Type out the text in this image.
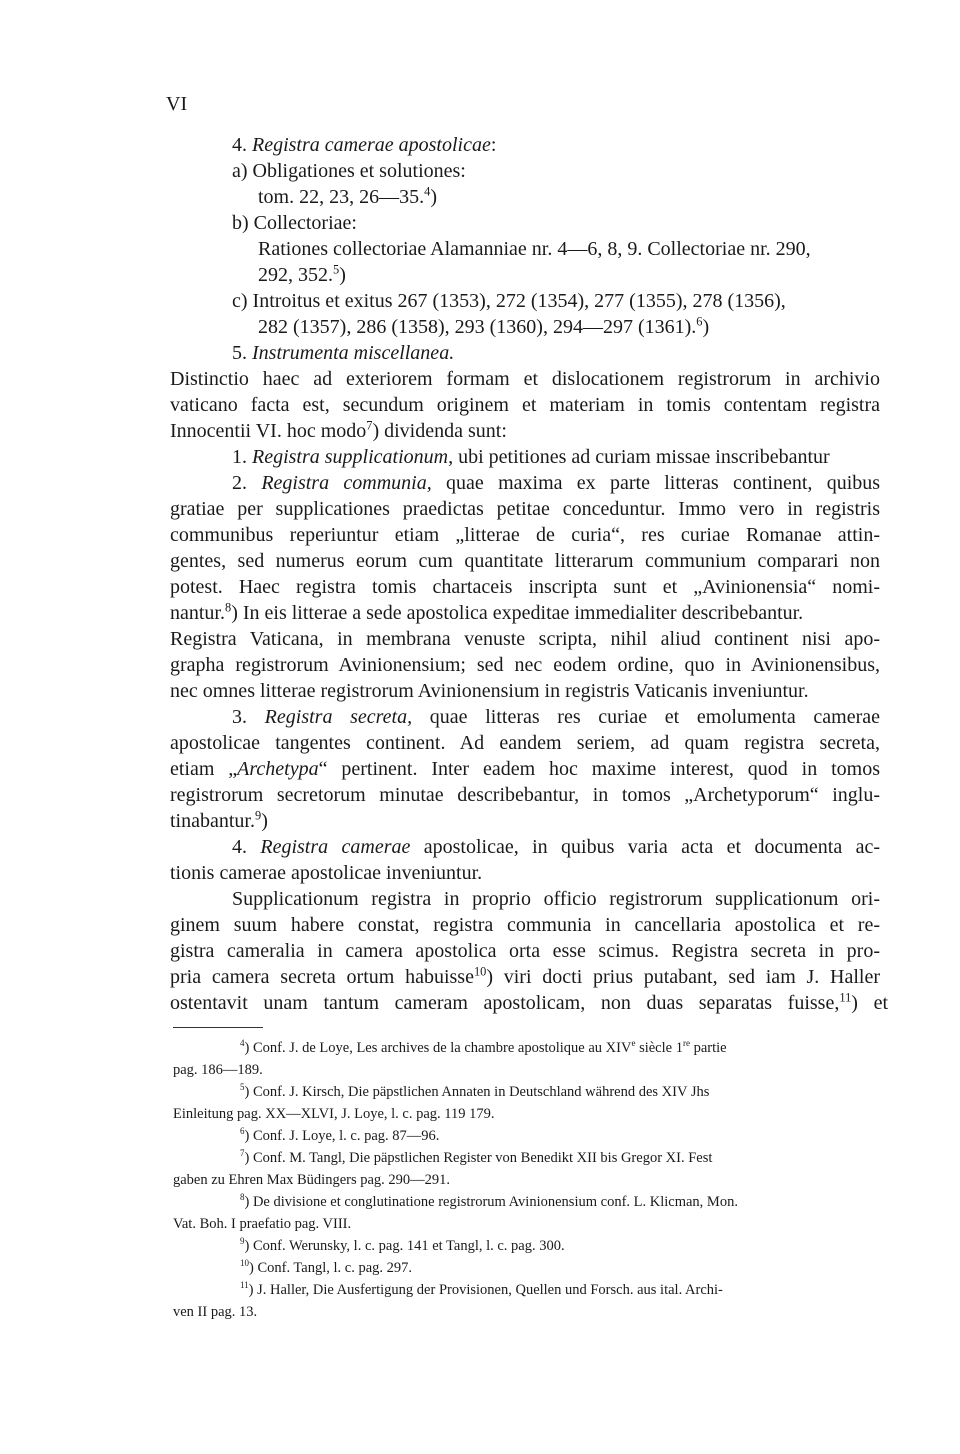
VI
4. Registra camerae apostolicae:
a) Obligationes et solutiones:
tom. 22, 23, 26—35.$^4$)
b) Collectoriae:
Rationes collectoriae Alamanniae nr. 4—6, 8, 9. Collectoriae nr. 290,
292, 352.$^5$)
c) Introitus et exitus 267 (1353), 272 (1354), 277 (1355), 278 (1356),
282 (1357), 286 (1358), 293 (1360), 294—297 (1361).$^6$)
5. Instrumenta miscellanea.
Distinctio haec ad exteriorem formam et dislocationem registrorum in archivio
vaticano facta est, secundum originem et materiam in tomis contentam registra
Innocentii VI. hoc modo$^7$) dividenda sunt:
1. Registra supplicationum, ubi petitiones ad curiam missae inscribebantur
2. Registra communia, quae maxima ex parte litteras continent, quibus
gratiae per supplicationes praedictas petitae conceduntur. Immo vero in registris
communibus reperiuntur etiam „litterae de curia“, res curiae Romanae attin-
gentes, sed numerus eorum cum quantitate litterarum communium comparari non
potest. Haec registra tomis chartaceis inscripta sunt et „Avinionensia“ nomi-
nantur.$^8$) In eis litterae a sede apostolica expeditae immedialiter describebantur.
Registra Vaticana, in membrana venuste scripta, nihil aliud continent nisi apo-
grapha registrorum Avinionensium; sed nec eodem ordine, quo in Avinionensibus,
nec omnes litterae registrorum Avinionensium in registris Vaticanis inveniuntur.
3. Registra secreta, quae litteras res curiae et emolumenta camerae
apostolicae tangentes continent. Ad eandem seriem, ad quam registra secreta,
etiam „Archetypa“ pertinent. Inter eadem hoc maxime interest, quod in tomos
registrorum secretorum minutae describebantur, in tomos „Archetyporum“ inglu-
tinabantur.$^9$)
4. Registra camerae apostolicae, in quibus varia acta et documenta ac-
tionis camerae apostolicae inveniuntur.
Supplicationum registra in proprio officio registrorum supplicationum ori-
ginem suum habere constat, registra communia in cancellaria apostolica et re-
gistra cameralia in camera apostolica orta esse scimus. Registra secreta in pro-
pria camera secreta ortum habuisse$^{10}$) viri docti prius putabant, sed iam J. Haller
ostentavit unam tantum cameram apostolicam, non duas separatas fuisse,$^{11}$) et
$^4$) Conf. J. de Loye, Les archives de la chambre apostolique au XIVe siècle 1re partie
pag. 186—189.
$^5$) Conf. J. Kirsch, Die päpstlichen Annaten in Deutschland während des XIV Jhs
Einleitung pag. XX—XLVI, J. Loye, l. c. pag. 119 179.
$^6$) Conf. J. Loye, l. c. pag. 87—96.
$^7$) Conf. M. Tangl, Die päpstlichen Register von Benedikt XII bis Gregor XI. Fest
gaben zu Ehren Max Büdingers pag. 290—291.
$^8$) De divisione et conglutinatione registrorum Avinionensium conf. L. Klicman, Mon.
Vat. Boh. I praefatio pag. VIII.
$^9$) Conf. Werunsky, l. c. pag. 141 et Tangl, l. c. pag. 300.
$^{10}$) Conf. Tangl, l. c. pag. 297.
$^{11}$) J. Haller, Die Ausfertigung der Provisionen, Quellen und Forsch. aus ital. Archi-
ven II pag. 13.
